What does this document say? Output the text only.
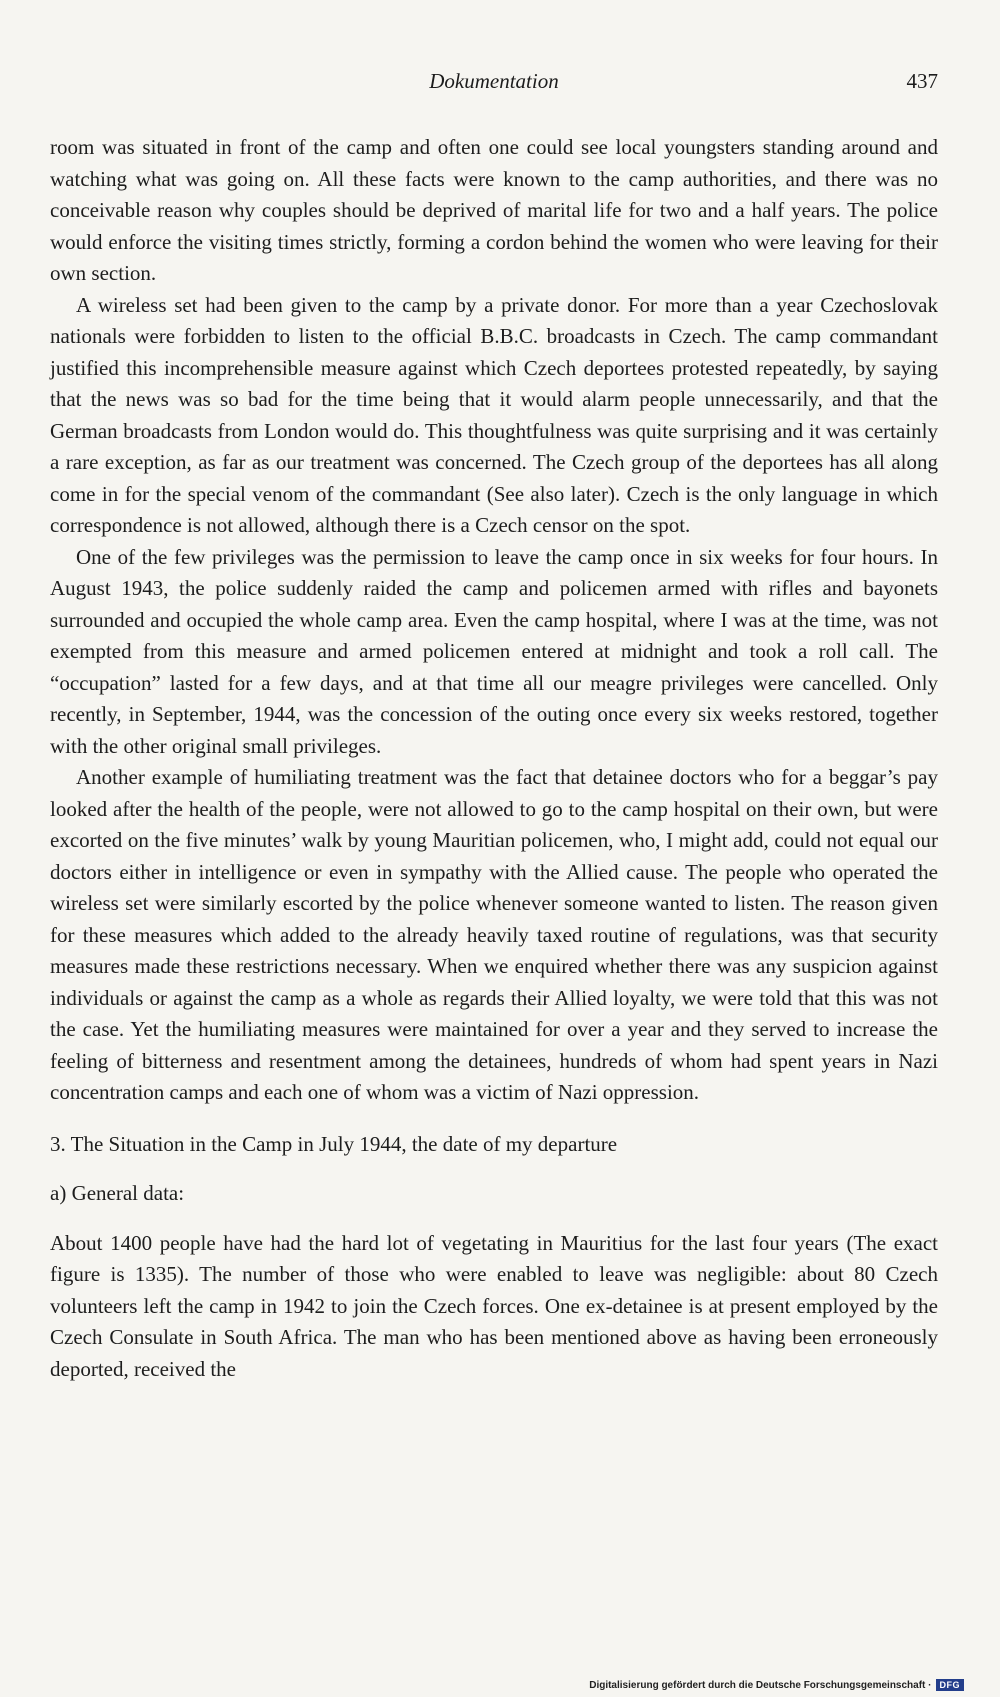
Dokumentation	437

room was situated in front of the camp and often one could see local youngsters standing around and watching what was going on. All these facts were known to the camp authorities, and there was no conceivable reason why couples should be deprived of marital life for two and a half years. The police would enforce the visiting times strictly, forming a cordon behind the women who were leaving for their own section.

A wireless set had been given to the camp by a private donor. For more than a year Czechoslovak nationals were forbidden to listen to the official B.B.C. broadcasts in Czech. The camp commandant justified this incomprehensible measure against which Czech deportees protested repeatedly, by saying that the news was so bad for the time being that it would alarm people unnecessarily, and that the German broadcasts from London would do. This thoughtfulness was quite surprising and it was certainly a rare exception, as far as our treatment was concerned. The Czech group of the deportees has all along come in for the special venom of the commandant (See also later). Czech is the only language in which correspondence is not allowed, although there is a Czech censor on the spot.

One of the few privileges was the permission to leave the camp once in six weeks for four hours. In August 1943, the police suddenly raided the camp and policemen armed with rifles and bayonets surrounded and occupied the whole camp area. Even the camp hospital, where I was at the time, was not exempted from this measure and armed policemen entered at midnight and took a roll call. The “occupation” lasted for a few days, and at that time all our meagre privileges were cancelled. Only recently, in September, 1944, was the concession of the outing once every six weeks restored, together with the other original small privileges.

Another example of humiliating treatment was the fact that detainee doctors who for a beggar’s pay looked after the health of the people, were not allowed to go to the camp hospital on their own, but were excorted on the five minutes’ walk by young Mauritian policemen, who, I might add, could not equal our doctors either in intelligence or even in sympathy with the Allied cause. The people who operated the wireless set were similarly escorted by the police whenever someone wanted to listen. The reason given for these measures which added to the already heavily taxed routine of regulations, was that security measures made these restrictions necessary. When we enquired whether there was any suspicion against individuals or against the camp as a whole as regards their Allied loyalty, we were told that this was not the case. Yet the humiliating measures were maintained for over a year and they served to increase the feeling of bitterness and resentment among the detainees, hundreds of whom had spent years in Nazi concentration camps and each one of whom was a victim of Nazi oppression.

3. The Situation in the Camp in July 1944, the date of my departure
a) General data:

About 1400 people have had the hard lot of vegetating in Mauritius for the last four years (The exact figure is 1335). The number of those who were enabled to leave was negligible: about 80 Czech volunteers left the camp in 1942 to join the Czech forces. One ex-detainee is at present employed by the Czech Consulate in South Africa. The man who has been mentioned above as having been erroneously deported, received the

Digitalisierung gefördert durch die Deutsche Forschungsgemeinschaft · DFG
